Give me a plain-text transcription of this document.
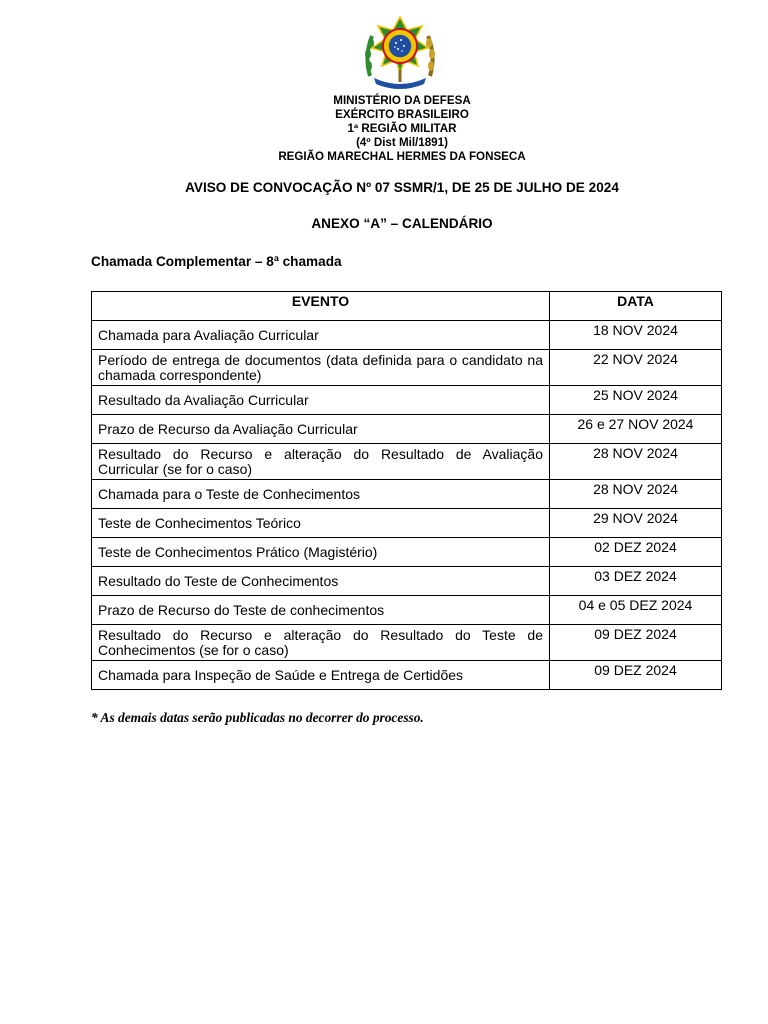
MINISTÉRIO DA DEFESA
EXÉRCITO BRASILEIRO
1ª REGIÃO MILITAR
(4º Dist Mil/1891)
REGIÃO MARECHAL HERMES DA FONSECA
AVISO DE CONVOCAÇÃO Nº 07 SSMR/1, DE 25 DE JULHO DE 2024
ANEXO “A” – CALENDÁRIO
Chamada Complementar – 8ª chamada
EVENTO	DATA
Chamada para Avaliação Curricular	18 NOV 2024
Período de entrega de documentos (data definida para o candidato na chamada correspondente)	22 NOV 2024
Resultado da Avaliação Curricular	25 NOV 2024
Prazo de Recurso da Avaliação Curricular	26 e 27 NOV 2024
Resultado do Recurso e alteração do Resultado de Avaliação Curricular (se for o caso)	28 NOV 2024
Chamada para o Teste de Conhecimentos	28 NOV 2024
Teste de Conhecimentos Teórico	29 NOV 2024
Teste de Conhecimentos Prático (Magistério)	02 DEZ 2024
Resultado do Teste de Conhecimentos	03 DEZ 2024
Prazo de Recurso do Teste de conhecimentos	04 e 05 DEZ 2024
Resultado do Recurso e alteração do Resultado do Teste de Conhecimentos (se for o caso)	09 DEZ 2024
Chamada para Inspeção de Saúde e Entrega de Certidões	09 DEZ 2024
* As demais datas serão publicadas no decorrer do processo.
